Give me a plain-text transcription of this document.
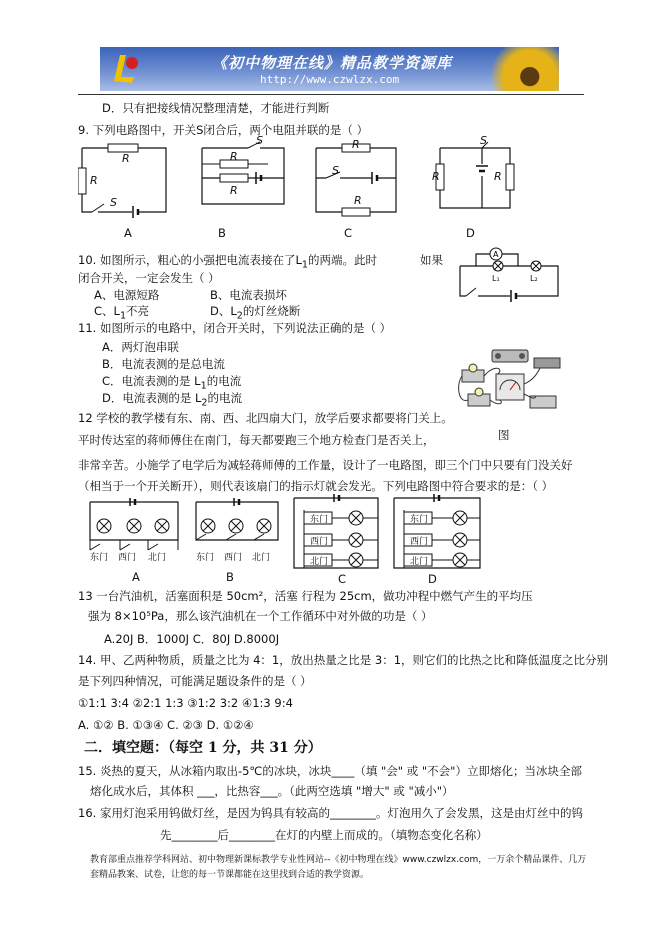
《初中物理在线》精品教学资源库
http://www.czwlzx.com
D．只有把接线情况整理清楚，才能进行判断
9. 下列电路图中，开关S闭合后，两个电阻并联的是（ ）
R
R
S
S
R
R
R
S
R
S
R	R
A	B	C	D
10. 如图所示，粗心的小强把电流表接在了$L_1$的两端。此时	如果
闭合开关，一定会发生（ ）
A、电源短路	B、电流表损坏
C、$L_1$不亮	D、$L_2$的灯丝烧断
A
L₁	L₂
11. 如图所示的电路中，闭合开关时，下列说法正确的是（ ）
A．两灯泡串联
B．电流表测的是总电流
C．电流表测的是 $L_1$的电流
D．电流表测的是 $L_2$的电流
图
12 学校的教学楼有东、南、西、北四扇大门，放学后要求都要将门关上。
平时传达室的蒋师傅住在南门，每天都要跑三个地方检查门是否关上，
非常辛苦。小施学了电学后为减轻蒋师傅的工作量，设计了一电路图，即三个门中只要有门没关好
（相当于一个开关断开），则代表该扇门的指示灯就会发光。下列电路图中符合要求的是：（ ）
东门 西门 北门	东门 西门 北门
东门
西门
北门
东门
西门
北门
A	B	C	D
13 一台汽油机，活塞面积是 50cm²，活塞 行程为 25cm，做功冲程中燃气产生的平均压
强为 8×10⁵Pa，那么该汽油机在一个工作循环中对外做的功是（ ）
A.20J B．1000J C．80J D.8000J
14. 甲、乙两种物质，质量之比为 4：1，放出热量之比是 3：1，则它们的比热之比和降低温度之比分别
是下列四种情况，可能满足题设条件的是（ ）
①1:1 3:4 ②2:1 1:3 ③1:2 3:2 ④1:3 9:4
A. ①② B. ①③④ C. ②③ D. ①②④
二．填空题：（每空 1 分，共 31 分）
15. 炎热的夏天，从冰箱内取出-5℃的冰块，冰块____（填 "会" 或 "不会"）立即熔化；当冰块全部
熔化成水后，其体积 ___，比热容___。（此两空选填 "增大" 或 "减小"）
16. 家用灯泡采用钨做灯丝，是因为钨具有较高的________。灯泡用久了会发黑，这是由灯丝中的钨
先________后________在灯的内壁上而成的。（填物态变化名称）
教育部重点推荐学科网站、初中物理新课标教学专业性网站--《初中物理在线》www.czwlzx.com，一万余个精品课件、几万套精品教案、试卷，让您的每一节课都能在这里找到合适的教学资源。
